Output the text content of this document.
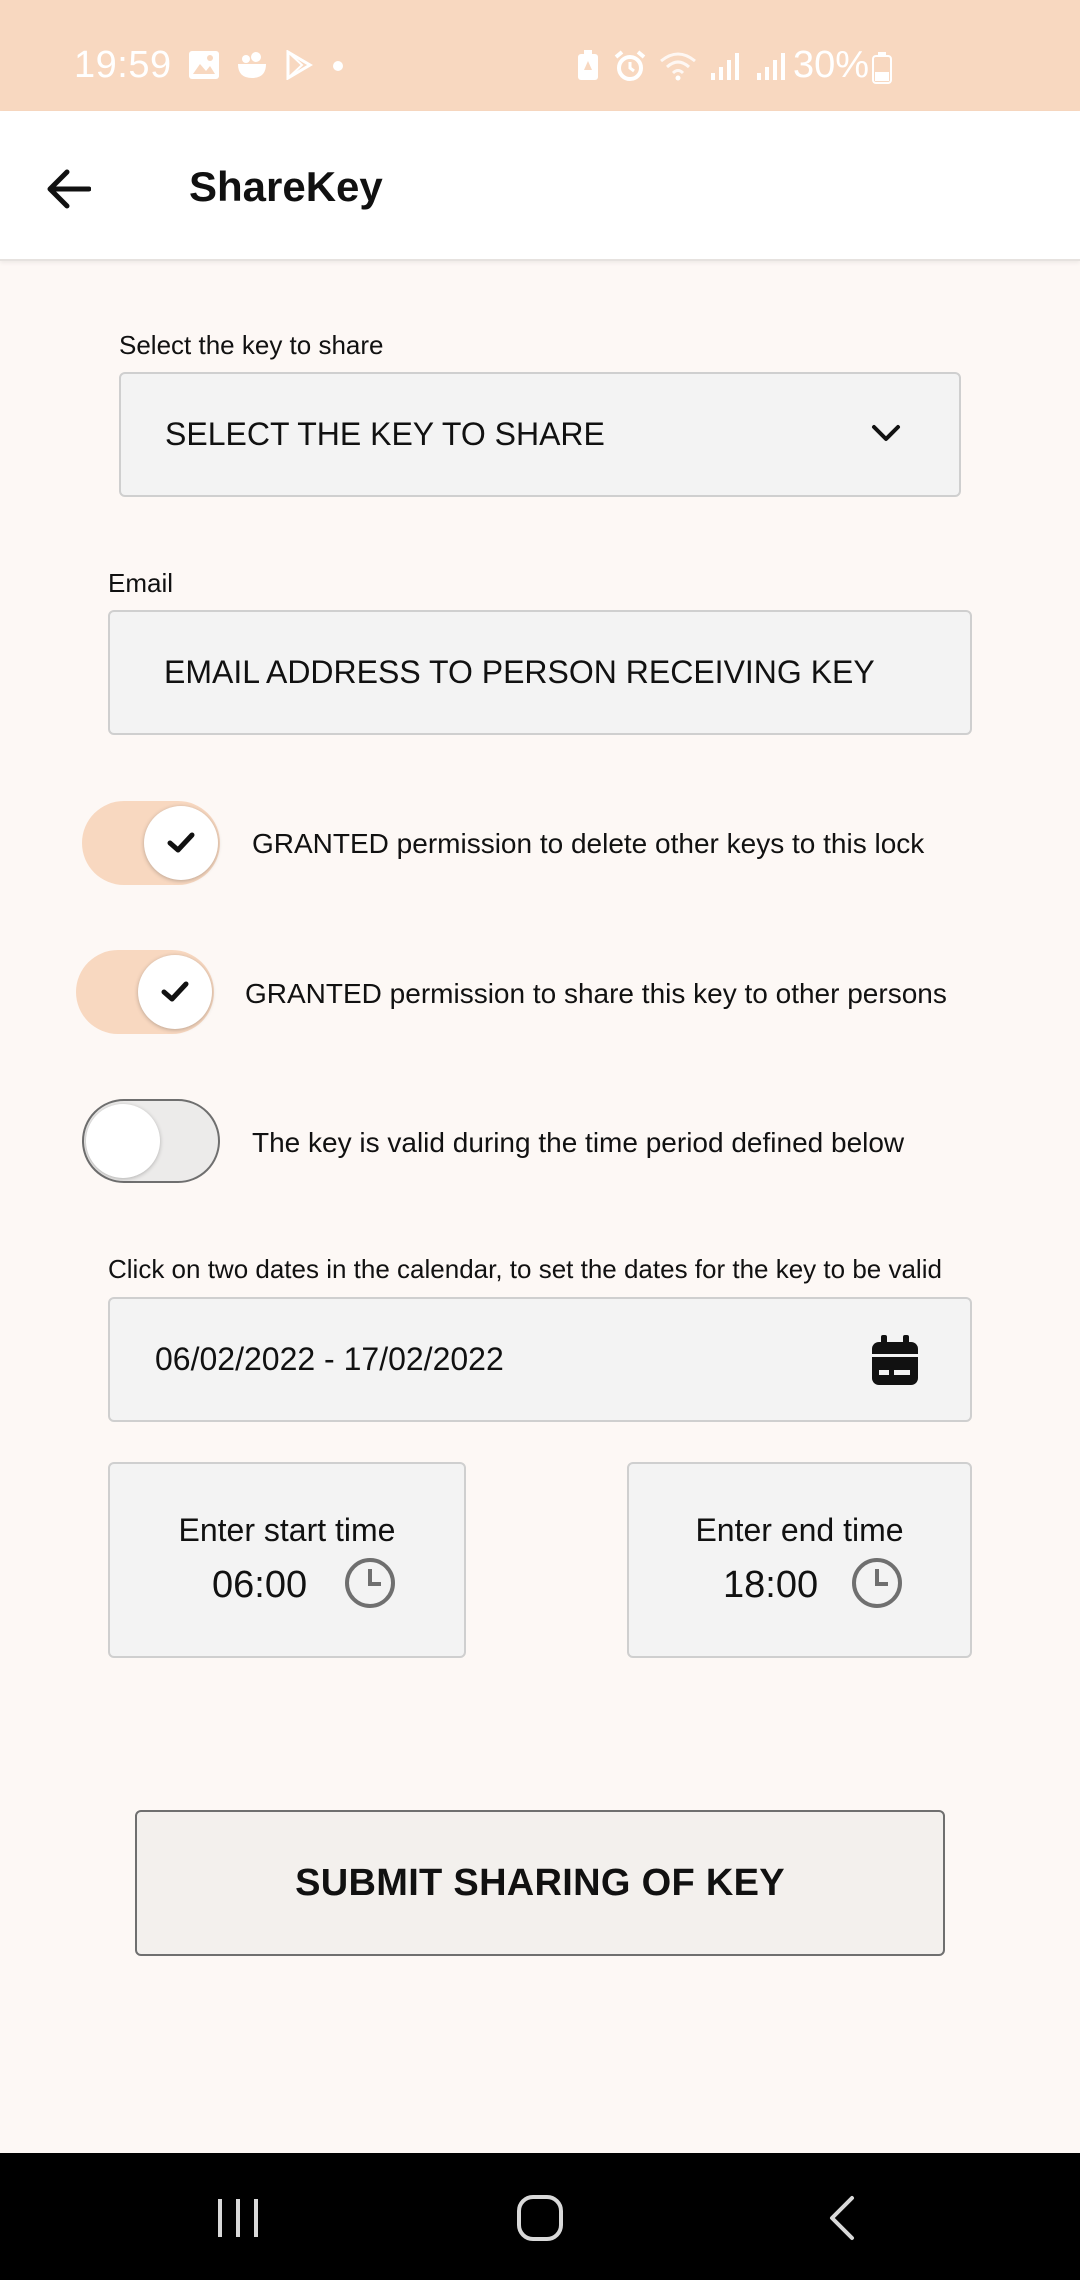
19:59	30%
ShareKey
Select the key to share
SELECT THE KEY TO SHARE
Email
EMAIL ADDRESS TO PERSON RECEIVING KEY
GRANTED permission to delete other keys to this lock
GRANTED permission to share this key to other persons
The key is valid during the time period defined below
Click on two dates in the calendar, to set the dates for the key to be valid
06/02/2022 - 17/02/2022
Enter start time
06:00
Enter end time
18:00
SUBMIT SHARING OF KEY
